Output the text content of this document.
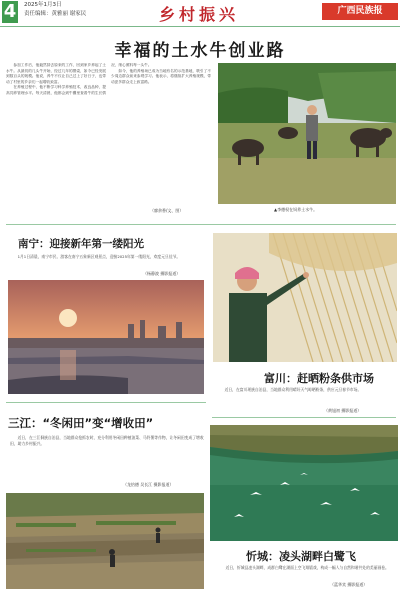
4	2025年1月3日
责任编辑：黄雅丽 谢家民	乡村振兴	广西民族报
幸福的土水牛创业路

参加工作后，他毅然辞去原来的工作，回到家乡养起了土水牛。从最初的几头牛开始，经过几年的摸索，如今已经发展到数百头的规模。他说，养牛不仅让自己过上了好日子，也带动了村里的乡亲们一起增收致富。

在养殖过程中，他不断学习科学养殖技术，改良品种，提高饲养管理水平。每天清晨，他都会到牛棚里查看牛的生长情况，细心照料每一头牛。

如今，他的养殖场已成为当地有名的示范基地，吸引了不少周边群众前来参观学习。他表示，将继续扩大养殖规模，带动更多群众走上致富路。

（廖余香/文、图）	▲李德权在饲养土水牛。
南宁：迎接新年第一缕阳光
1月1日清晨，南宁市民、游客在南宁五象新区观景点，迎接2025年第一缕阳光，欢度元旦佳节。
（杨静波 摄影报道）
三江：“冬闲田”变“增收田”
近日，在三江侗族自治县，当地群众抢抓农时，充分利用冬闲田种植油菜、马铃薯等作物，让冬闲田变成了增收田，助力乡村振兴。
（龙怡德 吴长江 摄影报道）
富川：赶晒粉条供市场
近日，在富川瑶族自治县，当地群众利用晴好天气晾晒粉条，供应元旦春节市场。
（黄旭初 摄影报道）
忻城：凌头湖畔白鹭飞
近日，忻城县凌头湖畔，成群白鹭在湖面上空飞翔嬉戏，构成一幅人与自然和谐共处的美丽画卷。
（蓝华宾 摄影报道）
